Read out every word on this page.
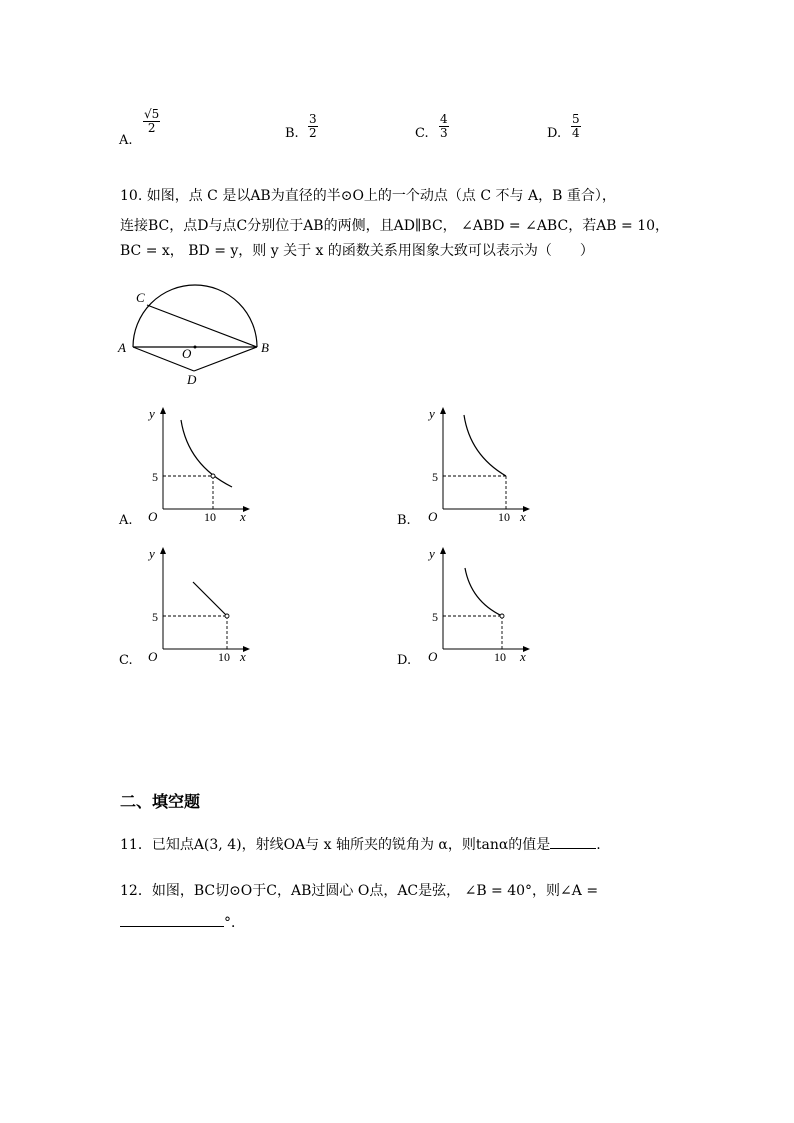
A.
$\frac{√5}{2}$	B. $\frac{3}{2}$	C. $\frac{4}{3}$	D. $\frac{5}{4}$
10. 如图，点 C 是以AB为直径的半⊙O上的一个动点（点 C 不与 A，B 重合），
连接BC，点D与点C分别位于AB的两侧，且AD∥BC， ∠ABD = ∠ABC，若AB = 10，
BC = x， BD = y，则 y 关于 x 的函数关系用图象大致可以表示为（　　）
C
A	O	B
D
A.
y
x
O
5
10	B.
y
x
O
5
10
C.
y
x
O
5
10	D.
y
x
O
5
10
二、填空题
11．已知点A(3, 4)，射线OA与 x 轴所夹的锐角为 α，则tanα的值是	.
12．如图，BC切⊙O于C，AB过圆心 O点，AC是弦， ∠B = 40°，则∠A =
°．
